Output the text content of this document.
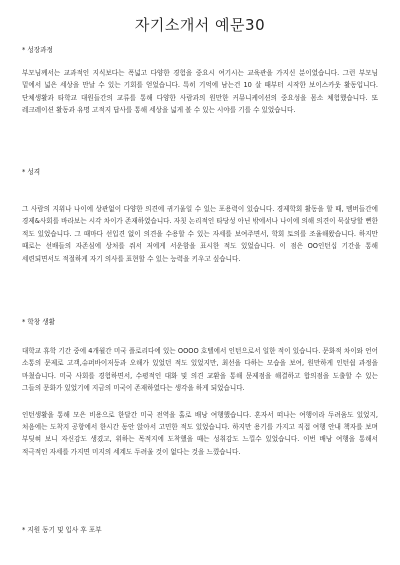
자기소개서 예문30

* 성장과정

부모님께서는 교과적인 지식보다는 폭넓고 다양한 경험을 중요시 여기시는 교육관을 가지신 분이였습니다. 그런 부모님 밑에서 넓은 세상을 만날 수 있는 기회를 얻었습니다. 특히 기억에 남는건 10 살 때부터 시작한 보이스카웃 활동입니다. 단체생활과 타학교 대원들간의 교류를 통해 다양한 사람과의 원만한 커뮤니케이션의 중요성을 몸소 체험했습니다. 또 레크레이션 활동과 유명 고적지 답사를 통해 세상을 넓게 볼 수 있는 시야를 기를 수 있었습니다.

* 성격

그 사람의 지위나 나이에 상관없이 다양한 의견에 귀기울일 수 있는 포용력이 있습니다. 경제학회 활동을 할 때, 멤버들간에 경제&사회를 바라보는 시각 차이가 존재하였습니다. 자칫 논리적인 타당성 아닌 밖에서나 나이에 의해 의견이 묵살당할 뻔한 적도 있었습니다. 그 때마다 선입견 없이 의견을 수용할 수 있는 자세를 보여주면서, 학회 토의를 조율해왔습니다. 하지만 때로는 선배들의 자존심에 상처를 줘서 저에게 서운함을 표시한 적도 있었습니다. 이 점은 OO인턴십 기간을 통해 세련되면서도 적절하게 자기 의사를 표현할 수 있는 능력을 키우고 싶습니다.

* 학창 생활

대학교 휴학 기간 중에 4개월간 미국 플로리다에 있는 OOOO 호텔에서 인턴으로서 일한 적이 있습니다. 문화적 차이와 언어 소통의 문제로 고객,슈퍼바이저등과 오해가 있었던 적도 있었지만, 최선을 다하는 모습을 보여, 원만하게 인턴쉽 과정을 마쳤습니다. 미국 사회를 경험하면서, 수평적인 대화 및 의견 교환을 통해 문제점을 해결하고 합의점을 도출할 수 있는 그들의 문화가 있었기에 지금의 미국이 존재하였다는 생각을 하게 되었습니다.

인턴생활을 통해 모은 비용으로 한달간 미국 전역을 홀로 배낭 여행했습니다. 혼자서 떠나는 여행이라 두려움도 있었지, 처음에는 도착지 공항에서 한시간 동안 앉아서 고민한 적도 있었습니다. 하지만 용기를 가지고 직접 여행 안내 책자를 보며 부딪혀 보니 자신감도 생겼고, 위하는 목적지에 도착했을 때는 성취감도 느낄수 있었습니다. 이번 배낭 여행을 통해서 적극적인 자세를 가지면 미지의 세계도 두려울 것이 없다는 것을 느꼈습니다.

* 지원 동기 및 입사 후 포부
